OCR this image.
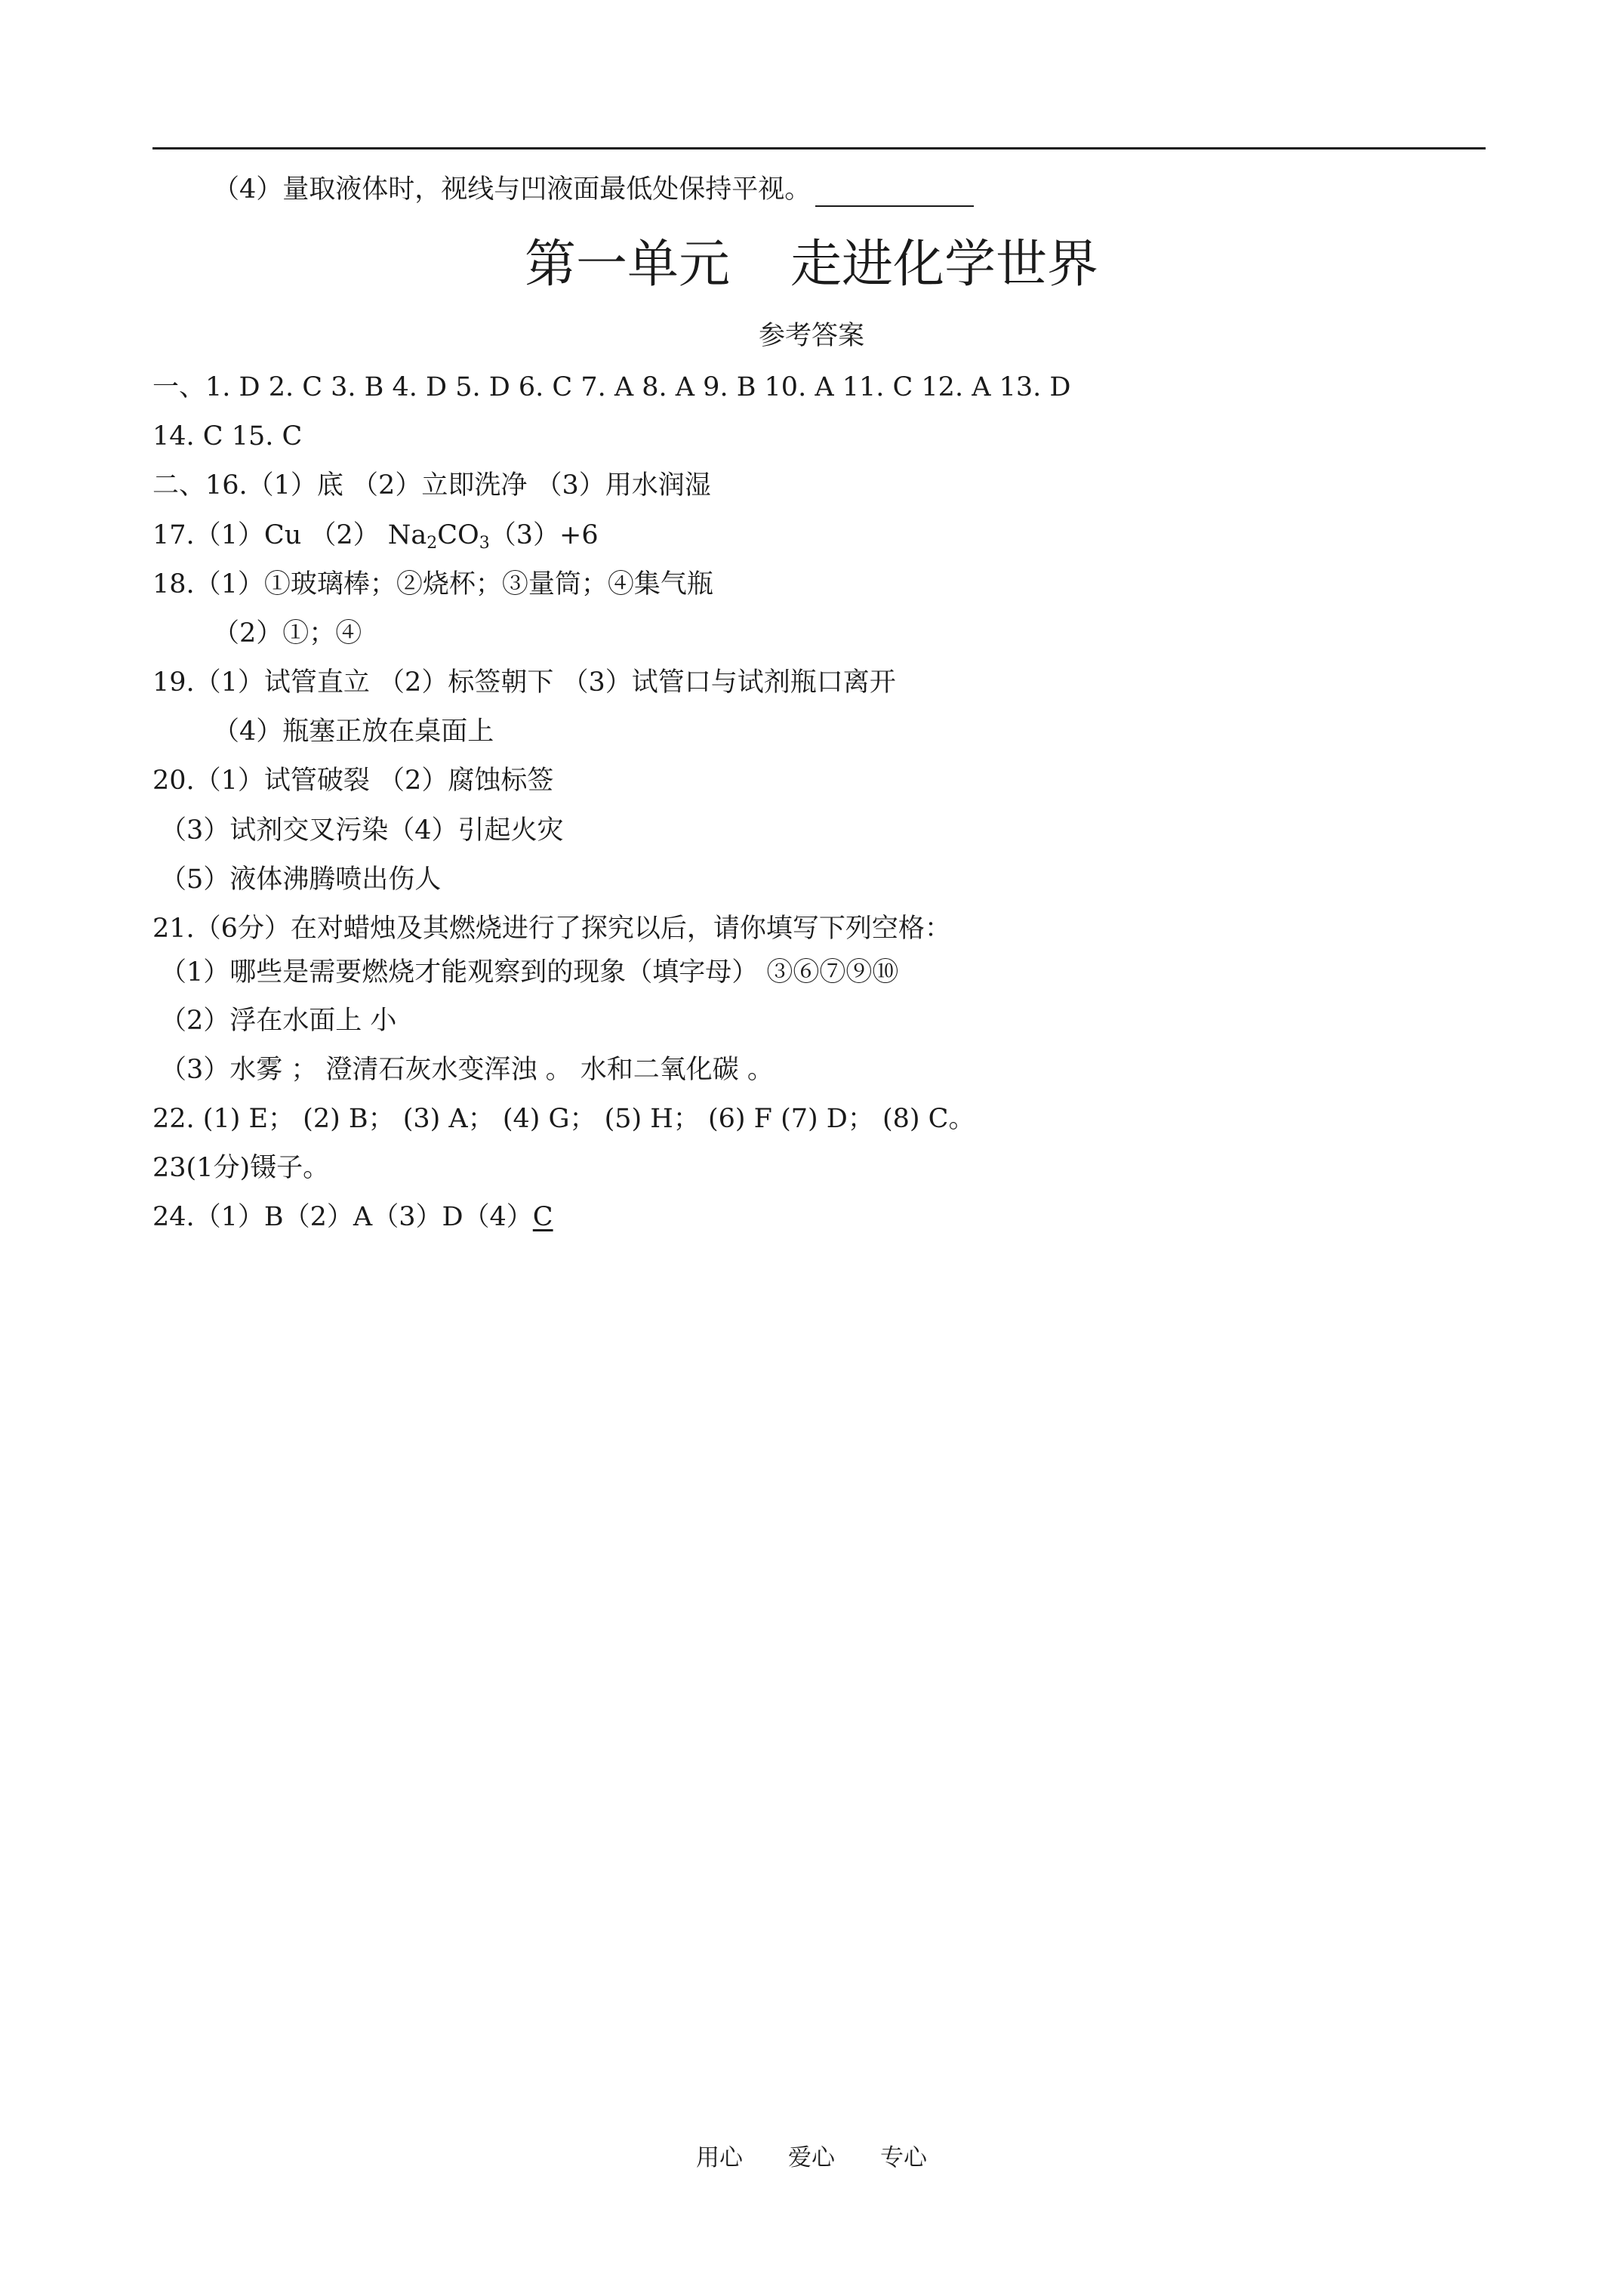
（4）量取液体时，视线与凹液面最低处保持平视。
第一单元 走进化学世界
参考答案
一、1. D 2. C 3. B 4. D 5. D 6. C 7. A 8. A 9. B 10. A 11. C 12. A 13. D
14. C 15. C
二、16.（1）底 （2）立即洗净 （3）用水润湿
17.（1）Cu （2） $Na_2CO_3(3)+6$
18.（1）①玻璃棒；②烧杯；③量筒；④集气瓶
（2）①；④
19.（1）试管直立 （2）标签朝下 （3）试管口与试剂瓶口离开
（4）瓶塞正放在桌面上
20.（1）试管破裂 （2）腐蚀标签
（3）试剂交叉污染（4）引起火灾
（5）液体沸腾喷出伤人
21.（6分）在对蜡烛及其燃烧进行了探究以后，请你填写下列空格：
（1）哪些是需要燃烧才能观察到的现象（填字母） ③⑥⑦⑨⑩
（2）浮在水面上 小
（3）水雾 ； 澄清石灰水变浑浊 。 水和二氧化碳 。
22. (1) E； (2) B； (3) A； (4) G； (5) H； (6) F (7) D； (8) C。
23(1分)镊子。
24.（1）B（2）A（3）D（4）C
用心 爱心 专心
